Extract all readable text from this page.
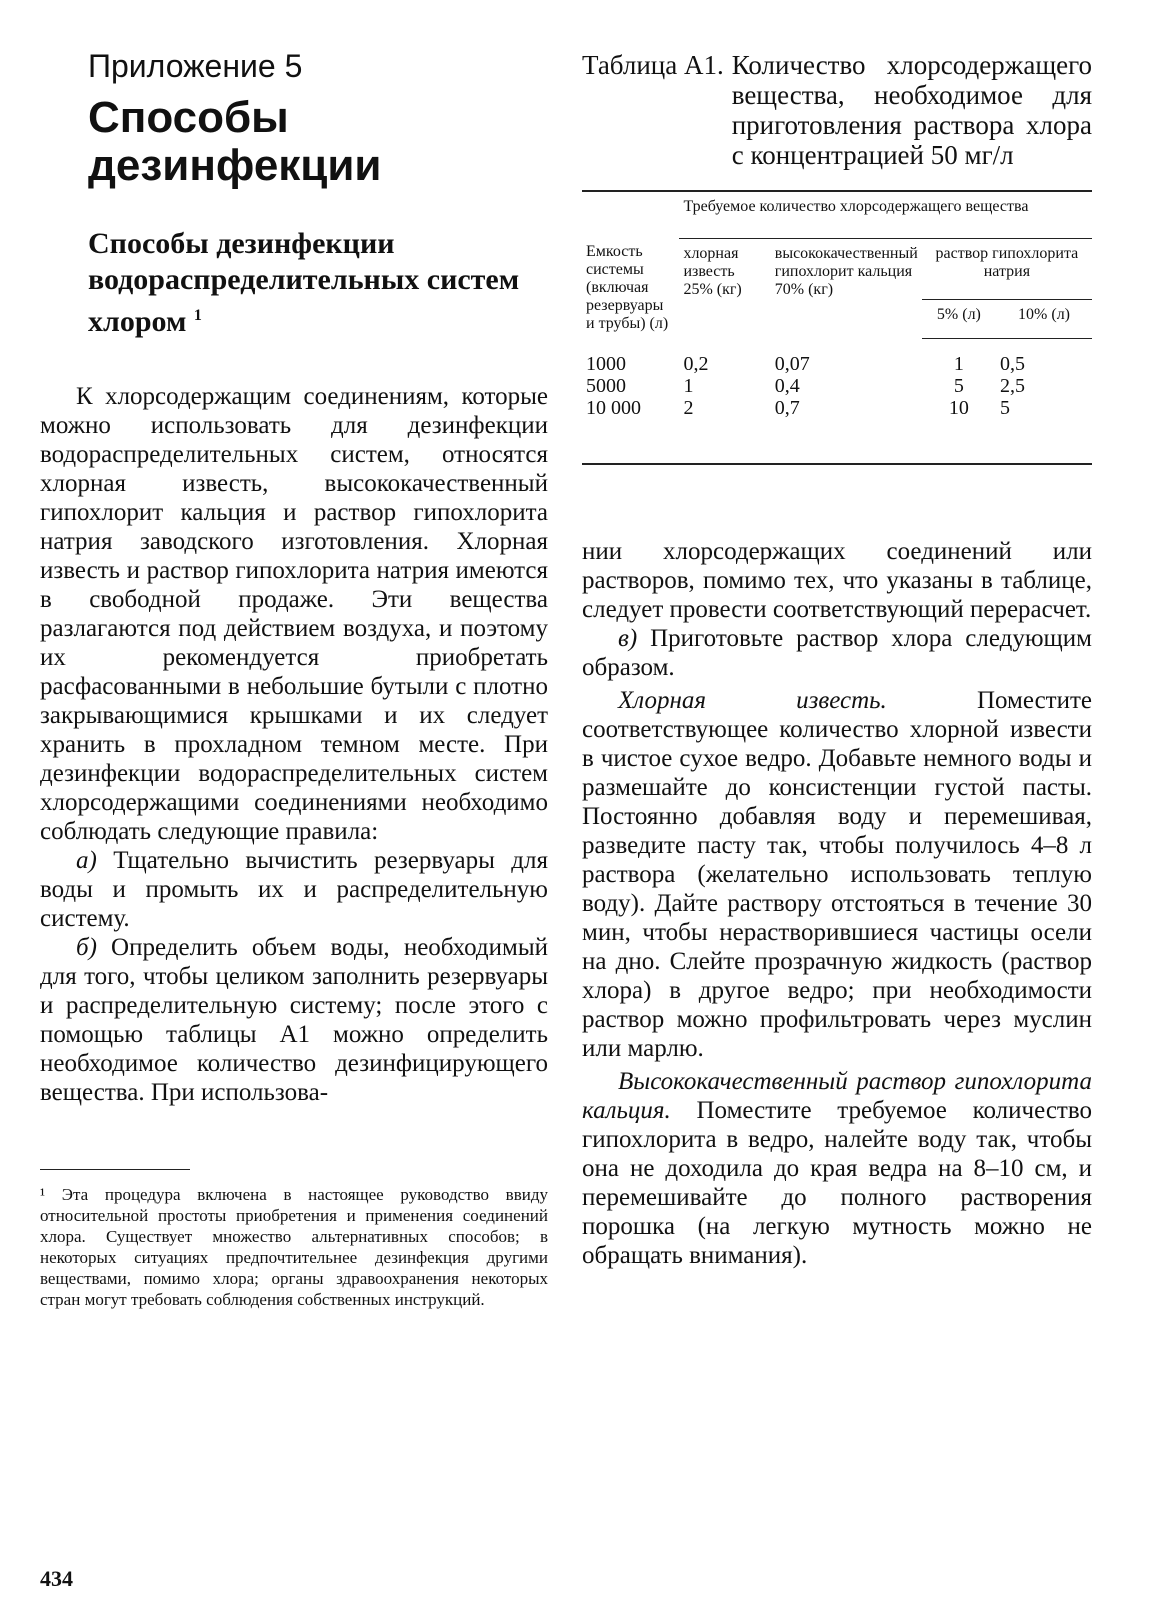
Приложение 5
Способы
дезинфекции
Способы дезинфекции водораспределительных систем хлором $^1$

К хлорсодержащим соединениям, которые можно использовать для дезинфекции водораспределительных систем, относятся хлорная известь, высококачественный гипохлорит кальция и раствор гипохлорита натрия заводского изготовления. Хлорная известь и раствор гипохлорита натрия имеются в свободной продаже. Эти вещества разлагаются под действием воздуха, и поэтому их рекомендуется приобретать расфасованными в небольшие бутыли с плотно закрывающимися крышками и их следует хранить в прохладном темном месте. При дезинфекции водораспределительных систем хлорсодержащими соединениями необходимо соблюдать следующие правила:

а) Тщательно вычистить резервуары для воды и промыть их и распределительную систему.

б) Определить объем воды, необходимый для того, чтобы целиком заполнить резервуары и распределительную систему; после этого с помощью таблицы А1 можно определить необходимое количество дезинфицирующего вещества. При использова-

¹ Эта процедура включена в настоящее руководство ввиду относительной простоты приобретения и применения соединений хлора. Существует множество альтернативных способов; в некоторых ситуациях предпочтительнее дезинфекция другими веществами, помимо хлора; органы здравоохранения некоторых стран могут требовать соблюдения собственных инструкций.
434
Таблица А1. Количество хлорсодержащего вещества, необходимое для приготовления раствора хлора с концентрацией 50 мг/л
Емкость системы (включая резервуары и трубы) (л)	Требуемое количество хлорсодержащего вещества			
	хлорная известь 25% (кг)	высококачественный гипохлорит кальция 70% (кг)	раствор гипохлорита натрия	
			5% (л)	10% (л)
1000	0,2	0,07	1	0,5
5000	1	0,4	5	2,5
10 000	2	0,7	10	5

нии хлорсодержащих соединений или растворов, помимо тех, что указаны в таблице, следует провести соответствующий перерасчет.

в) Приготовьте раствор хлора следующим образом.

Хлорная известь. Поместите соответствующее количество хлорной извести в чистое сухое ведро. Добавьте немного воды и размешайте до консистенции густой пасты. Постоянно добавляя воду и перемешивая, разведите пасту так, чтобы получилось 4–8 л раствора (желательно использовать теплую воду). Дайте раствору отстояться в течение 30 мин, чтобы нерастворившиеся частицы осели на дно. Слейте прозрачную жидкость (раствор хлора) в другое ведро; при необходимости раствор можно профильтровать через муслин или марлю.

Высококачественный раствор гипохлорита кальция. Поместите требуемое количество гипохлорита в ведро, налейте воду так, чтобы она не доходила до края ведра на 8–10 см, и перемешивайте до полного растворения порошка (на легкую мутность можно не обращать внимания).
